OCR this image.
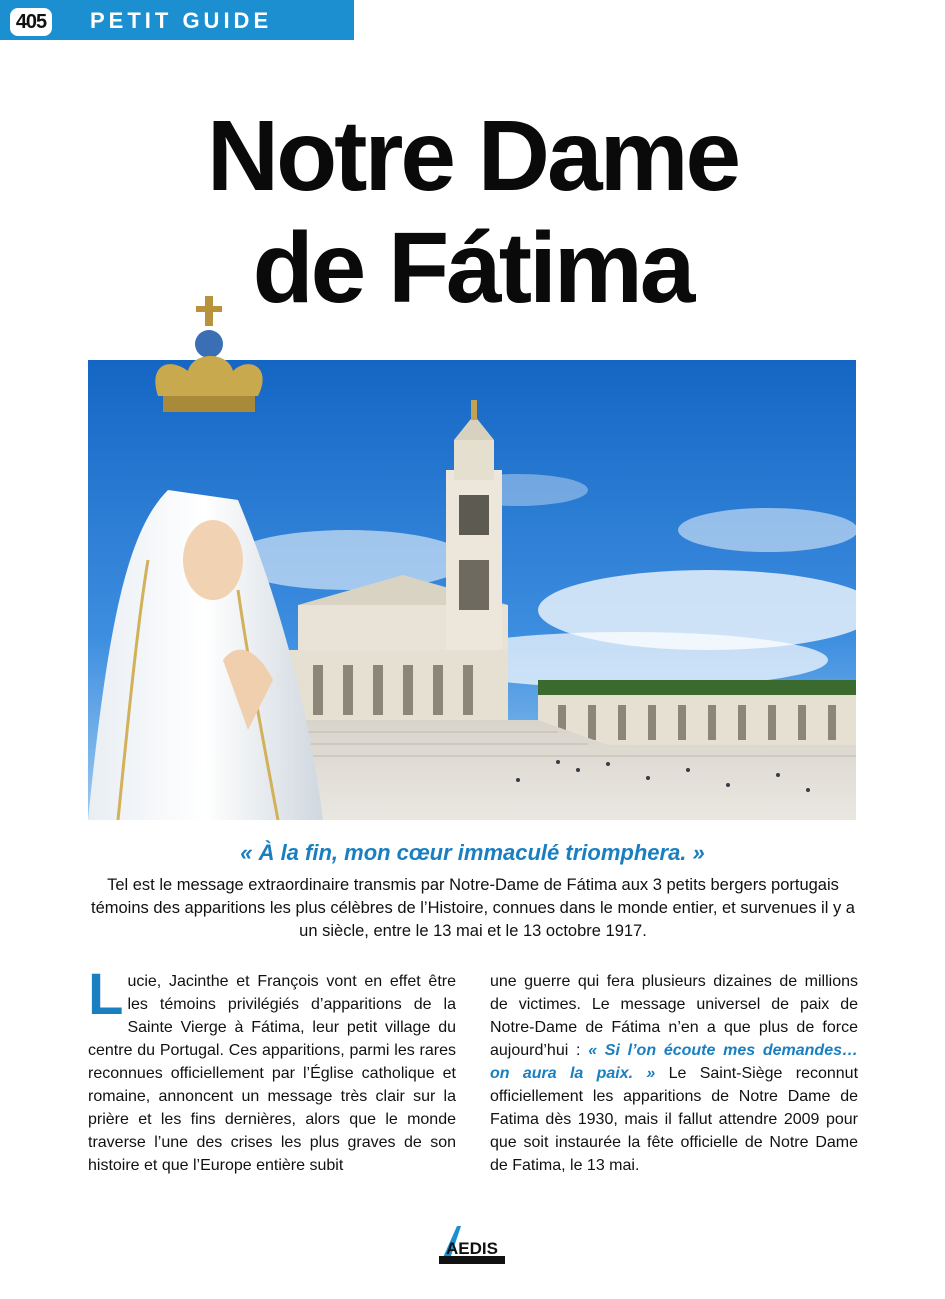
405 PETIT GUIDE
Notre Dame
de Fátima
« À la fin, mon cœur immaculé triomphera. »

Tel est le message extraordinaire transmis par Notre-Dame de Fátima aux 3 petits bergers portugais témoins des apparitions les plus célèbres de l’Histoire, connues dans le monde entier, et survenues il y a un siècle, entre le 13 mai et le 13 octobre 1917.

Lucie, Jacinthe et François vont en effet être les témoins privilégiés d’apparitions de la Sainte Vierge à Fátima, leur petit village du centre du Portugal. Ces apparitions, parmi les rares reconnues officiellement par l’Église catholique et romaine, annoncent un message très clair sur la prière et les fins dernières, alors que le monde traverse l’une des crises les plus graves de son histoire et que l’Europe entière subit
une guerre qui fera plusieurs dizaines de millions de victimes. Le message universel de paix de Notre-Dame de Fátima n’en a que plus de force aujourd’hui : « Si l’on écoute mes demandes… on aura la paix. » Le Saint-Siège reconnut officiellement les apparitions de Notre Dame de Fatima dès 1930, mais il fallut attendre 2009 pour que soit instaurée la fête officielle de Notre Dame de Fatima, le 13 mai.
AEDIS
